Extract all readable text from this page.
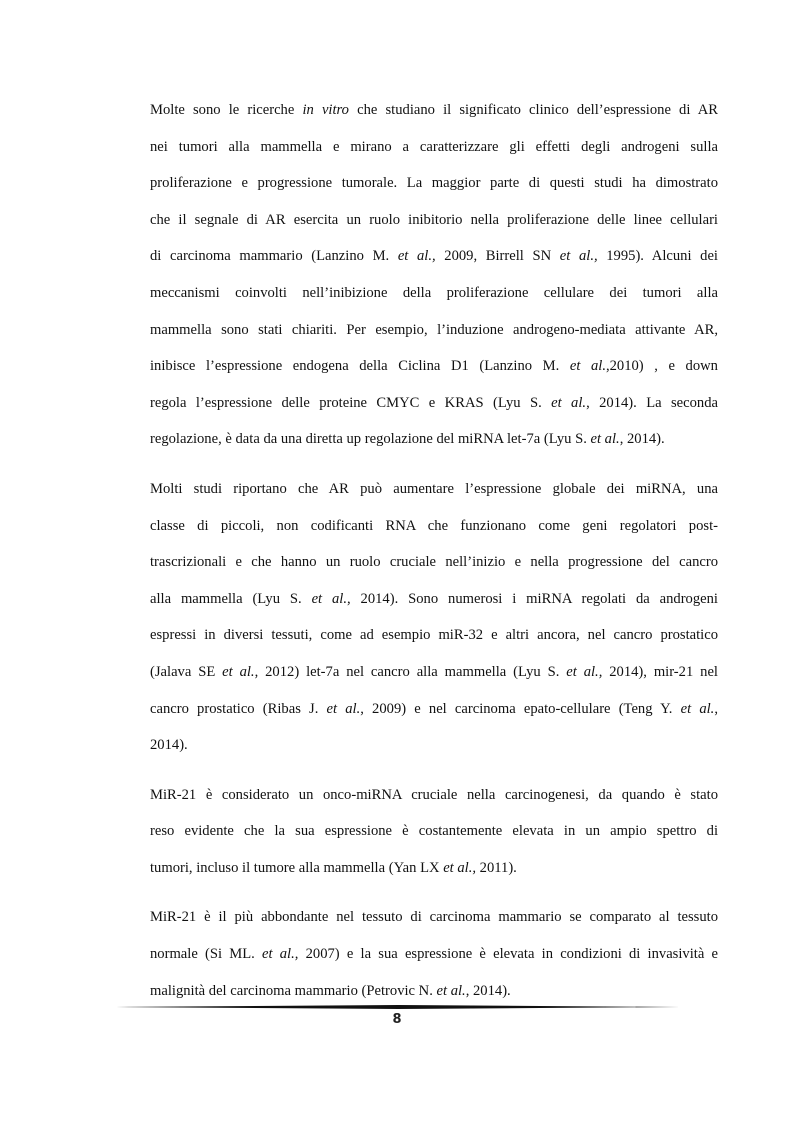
Molte sono le ricerche in vitro che studiano il significato clinico dell’espressione di AR
nei tumori alla mammella e mirano a caratterizzare gli effetti degli androgeni sulla
proliferazione e progressione tumorale. La maggior parte di questi studi ha dimostrato
che il segnale di AR esercita un ruolo inibitorio nella proliferazione delle linee cellulari
di carcinoma mammario (Lanzino M. et al., 2009, Birrell SN et al., 1995). Alcuni dei
meccanismi coinvolti nell’inibizione della proliferazione cellulare dei tumori alla
mammella sono stati chiariti. Per esempio, l’induzione androgeno-mediata attivante AR,
inibisce l’espressione endogena della Ciclina D1 (Lanzino M. et al.,2010) , e down
regola l’espressione delle proteine CMYC e KRAS (Lyu S. et al., 2014). La seconda
regolazione, è data da una diretta up regolazione del miRNA let-7a (Lyu S. et al., 2014).

Molti studi riportano che AR può aumentare l’espressione globale dei miRNA, una
classe di piccoli, non codificanti RNA che funzionano come geni regolatori post-
trascrizionali e che hanno un ruolo cruciale nell’inizio e nella progressione del cancro
alla mammella (Lyu S. et al., 2014). Sono numerosi i miRNA regolati da androgeni
espressi in diversi tessuti, come ad esempio miR-32 e altri ancora, nel cancro prostatico
(Jalava SE et al., 2012) let-7a nel cancro alla mammella (Lyu S. et al., 2014), mir-21 nel
cancro prostatico (Ribas J. et al., 2009) e nel carcinoma epato-cellulare (Teng Y. et al.,
2014).

MiR-21 è considerato un onco-miRNA cruciale nella carcinogenesi, da quando è stato
reso evidente che la sua espressione è costantemente elevata in un ampio spettro di
tumori, incluso il tumore alla mammella (Yan LX et al., 2011).

MiR-21 è il più abbondante nel tessuto di carcinoma mammario se comparato al tessuto
normale (Si ML. et al., 2007) e la sua espressione è elevata in condizioni di invasività e
malignità del carcinoma mammario (Petrovic N. et al., 2014).

8
